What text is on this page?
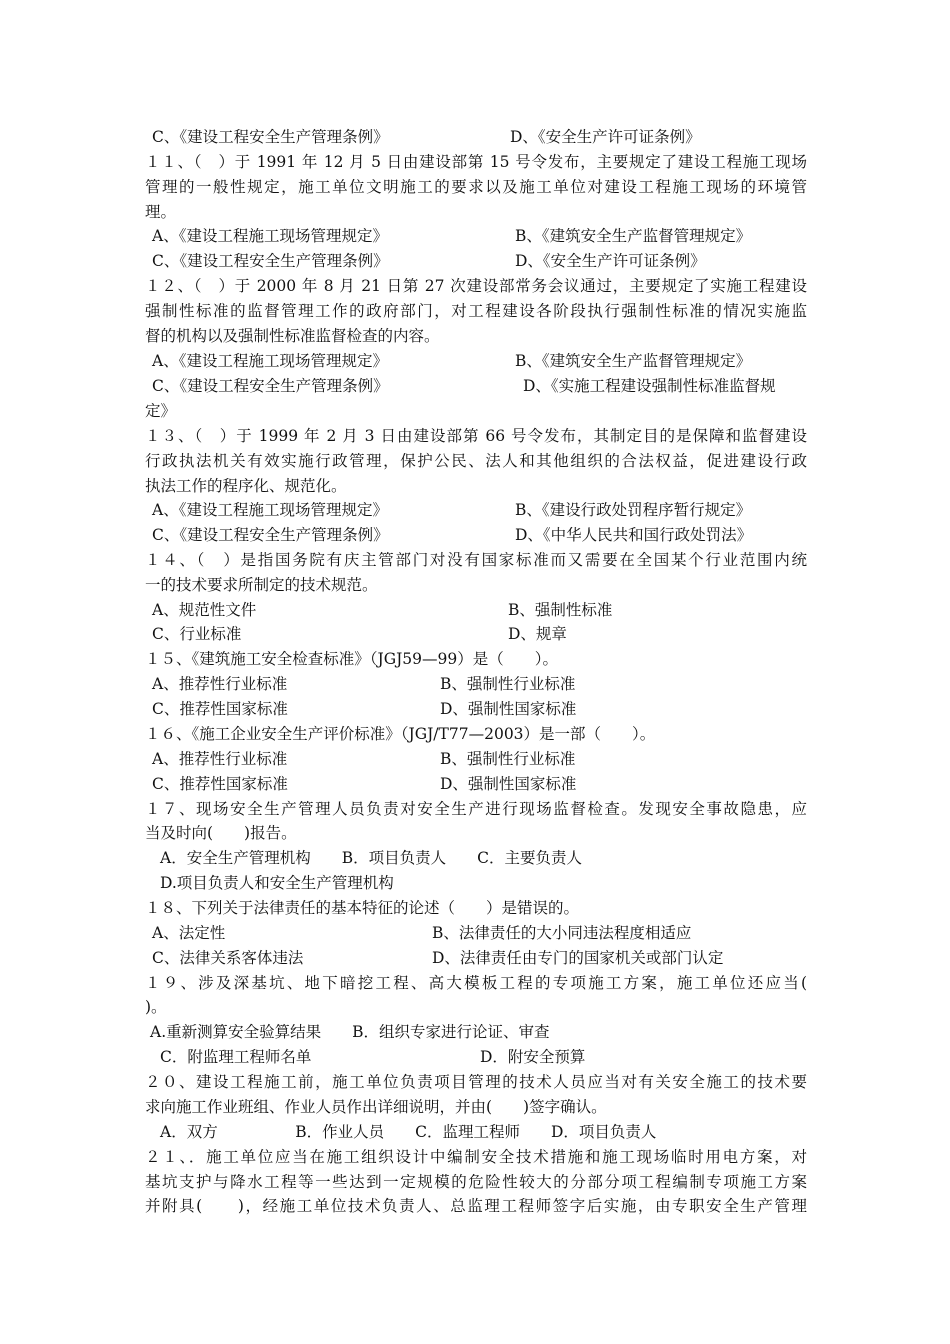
C、《建设工程安全生产管理条例》	D、《安全生产许可证条例》
１１、（　）于 1991 年 12 月 5 日由建设部第 15 号令发布，主要规定了建设工程施工现场
管理的一般性规定，施工单位文明施工的要求以及施工单位对建设工程施工现场的环境管
理。
A、《建设工程施工现场管理规定》	B、《建筑安全生产监督管理规定》
C、《建设工程安全生产管理条例》	D、《安全生产许可证条例》
１２、（　）于 2000 年 8 月 21 日第 27 次建设部常务会议通过，主要规定了实施工程建设
强制性标准的监督管理工作的政府部门，对工程建设各阶段执行强制性标准的情况实施监
督的机构以及强制性标准监督检查的内容。
A、《建设工程施工现场管理规定》	B、《建筑安全生产监督管理规定》
C、《建设工程安全生产管理条例》	D、《实施工程建设强制性标准监督规
定》
１３、（　）于 1999 年 2 月 3 日由建设部第 66 号令发布，其制定目的是保障和监督建设
行政执法机关有效实施行政管理，保护公民、法人和其他组织的合法权益，促进建设行政
执法工作的程序化、规范化。
A、《建设工程施工现场管理规定》	B、《建设行政处罚程序暂行规定》
C、《建设工程安全生产管理条例》	D、《中华人民共和国行政处罚法》
１４、（　）是指国务院有庆主管部门对没有国家标准而又需要在全国某个行业范围内统
一的技术要求所制定的技术规范。
A、规范性文件	B、强制性标准
C、行业标准	D、规章
１５、《建筑施工安全检查标准》（JGJ59—99）是（　　）。
A、推荐性行业标准	B、强制性行业标准
C、推荐性国家标准	D、强制性国家标准
１６、《施工企业安全生产评价标准》（JGJ/T77—2003）是一部（　　）。
A、推荐性行业标准	B、强制性行业标准
C、推荐性国家标准	D、强制性国家标准
１７、现场安全生产管理人员负责对安全生产进行现场监督检查。发现安全事故隐患，应
当及时向(　　)报告。
A．安全生产管理机构　　B．项目负责人　　C．主要负责人
D.项目负责人和安全生产管理机构
１８、下列关于法律责任的基本特征的论述（　　）是错误的。
A、法定性	B、法律责任的大小同违法程度相适应
C、法律关系客体违法	D、法律责任由专门的国家机关或部门认定
１９、涉及深基坑、地下暗挖工程、高大模板工程的专项施工方案，施工单位还应当(
)。
A.重新测算安全验算结果　　B．组织专家进行论证、审查
C．附监理工程师名单	D．附安全预算
２０、建设工程施工前，施工单位负责项目管理的技术人员应当对有关安全施工的技术要
求向施工作业班组、作业人员作出详细说明，并由(　　)签字确认。
A．双方　　　　　B．作业人员　　C．监理工程师　　D．项目负责人
２１、．施工单位应当在施工组织设计中编制安全技术措施和施工现场临时用电方案，对
基坑支护与降水工程等一些达到一定规模的危险性较大的分部分项工程编制专项施工方案
并附具(　　)，经施工单位技术负责人、总监理工程师签字后实施，由专职安全生产管理
